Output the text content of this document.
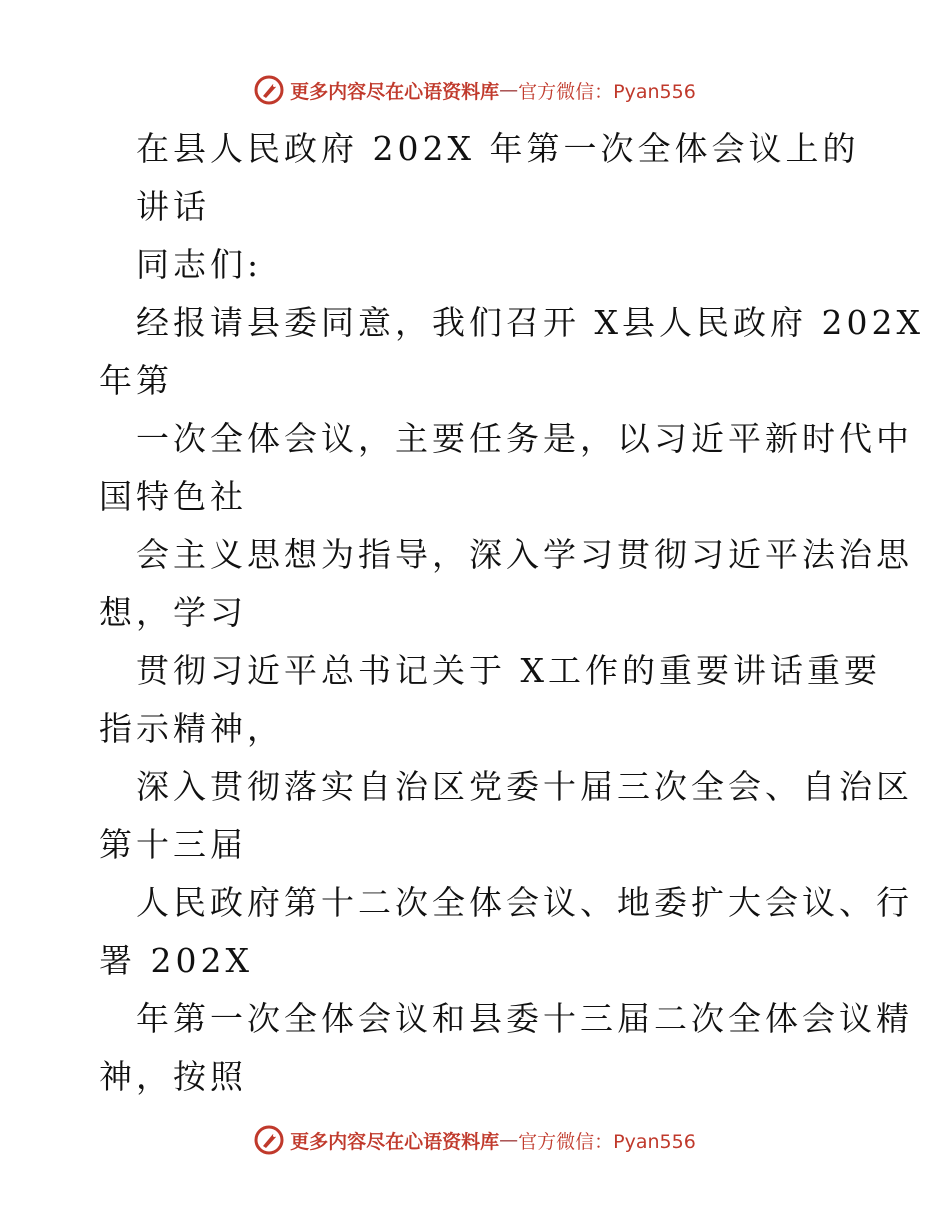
更多内容尽在心语资料库 — 官方微信：Pyan556
在县人民政府 202X 年第一次全体会议上的
讲话
同志们:
经报请县委同意，我们召开 X县人民政府 202X
年第
一次全体会议，主要任务是，以习近平新时代中
国特色社
会主义思想为指导，深入学习贯彻习近平法治思
想，学习
贯彻习近平总书记关于 X工作的重要讲话重要
指示精神，
深入贯彻落实自治区党委十届三次全会、自治区
第十三届
人民政府第十二次全体会议、地委扩大会议、行
署 202X
年第一次全体会议和县委十三届二次全体会议精
神，按照
更多内容尽在心语资料库 — 官方微信：Pyan556
